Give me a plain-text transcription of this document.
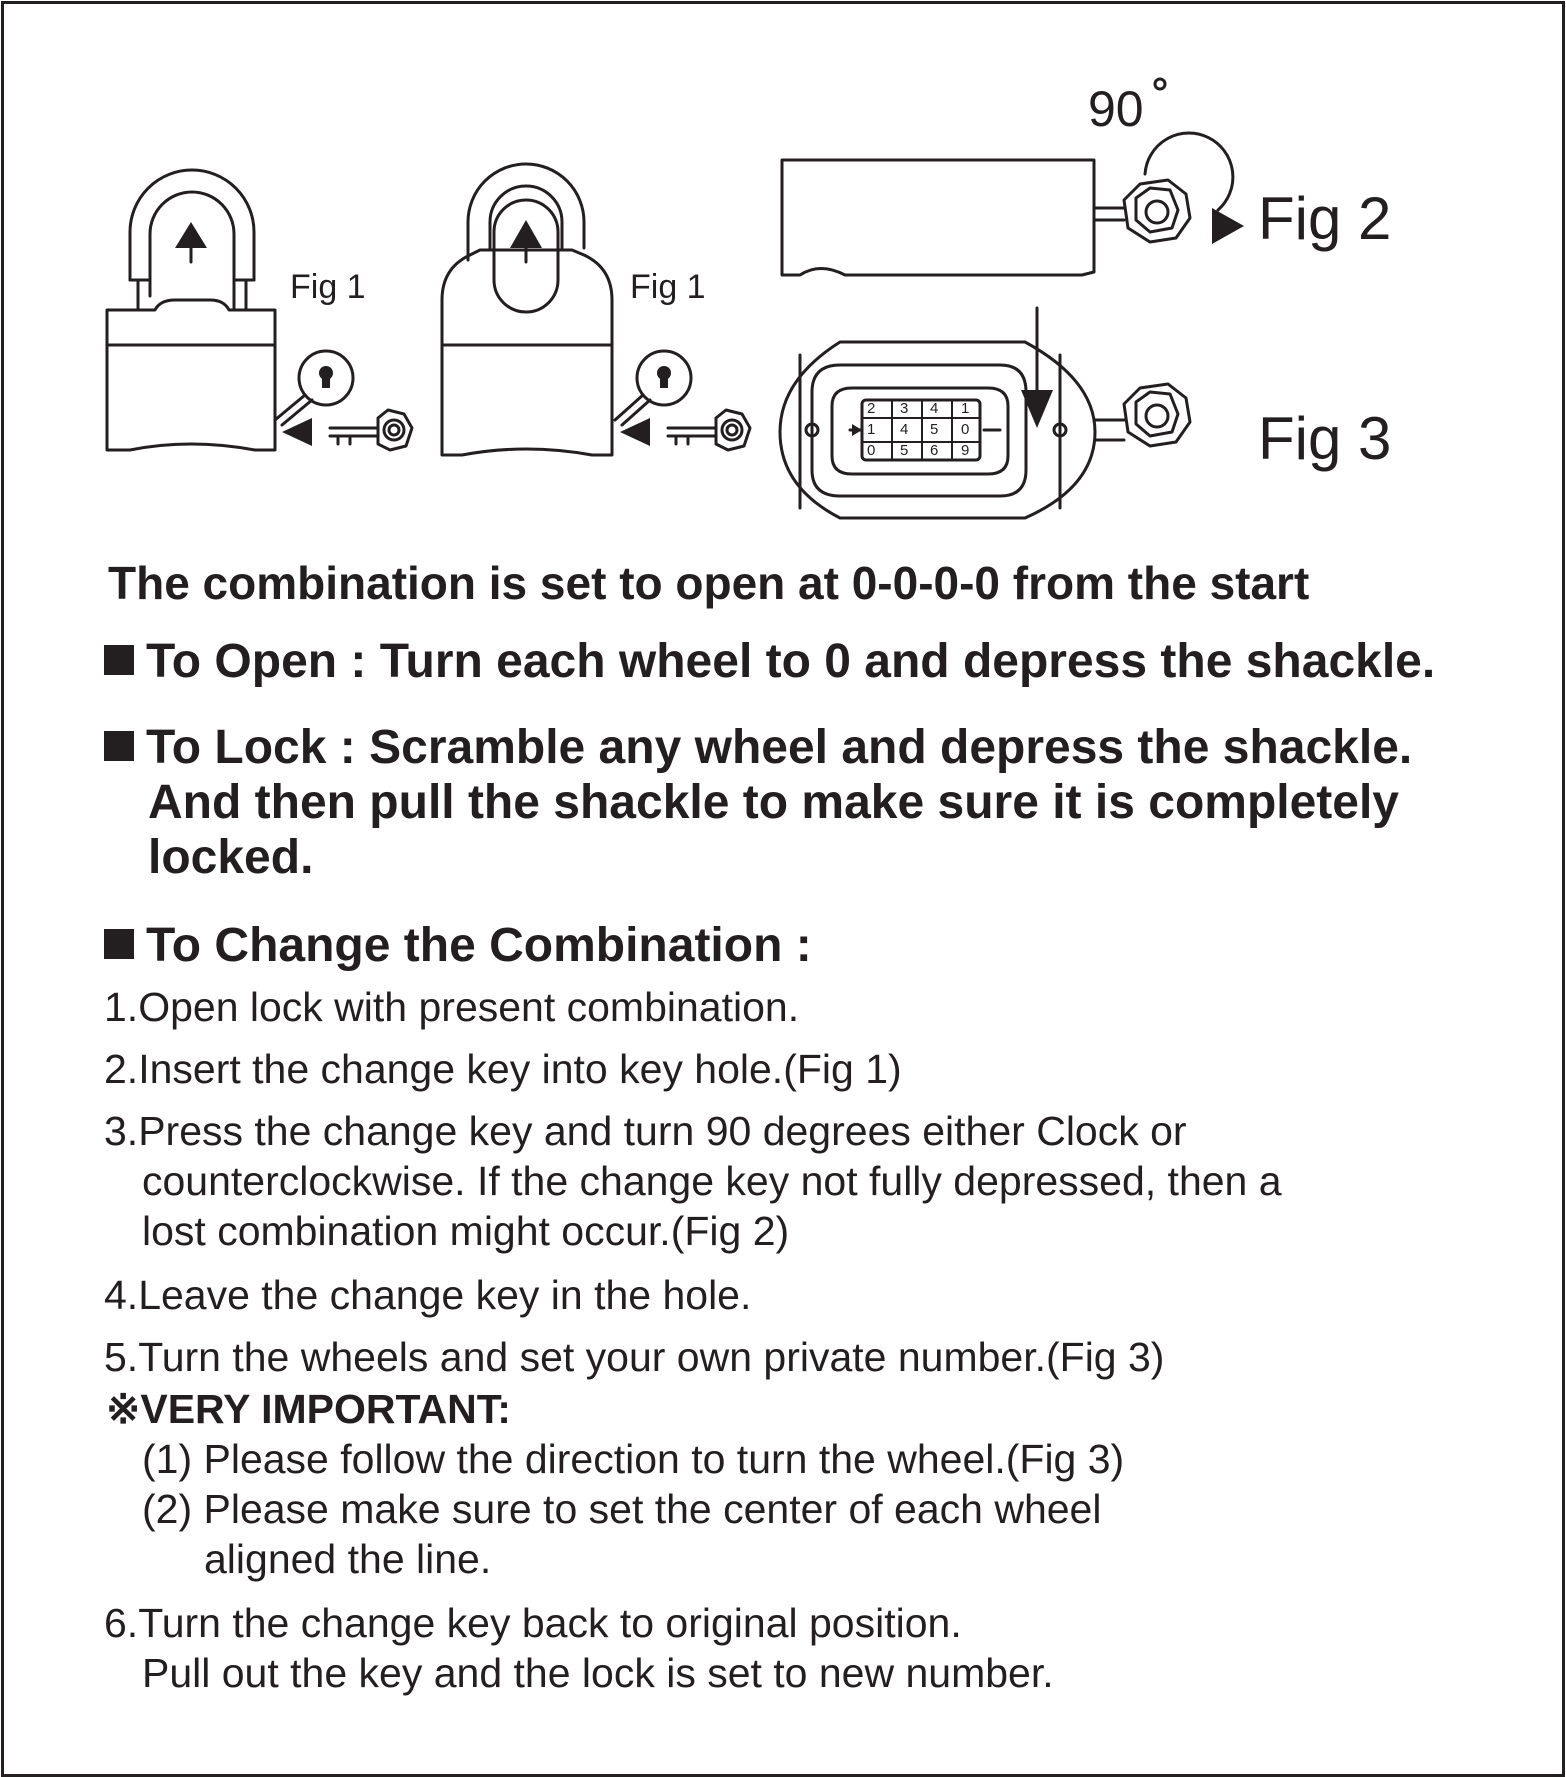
2
1
0
3
4
5
4
5
6
1
0
9
Fig 1	Fig 1
90
Fig 2
Fig 3
The combination is set to open at 0-0-0-0 from the start
To Open : Turn each wheel to 0 and depress the shackle.
To Lock : Scramble any wheel and depress the shackle.
And then pull the shackle to make sure it is completely
locked.
To Change the Combination :
1.Open lock with present combination.
2.Insert the change key into key hole.(Fig 1)
3.Press the change key and turn 90 degrees either Clock or
counterclockwise. If the change key not fully depressed, then a
lost combination might occur.(Fig 2)
4.Leave the change key in the hole.
5.Turn the wheels and set your own private number.(Fig 3)
※VERY IMPORTANT:
(1) Please follow the direction to turn the wheel.(Fig 3)
(2) Please make sure to set the center of each wheel
aligned the line.
6.Turn the change key back to original position.
Pull out the key and the lock is set to new number.
